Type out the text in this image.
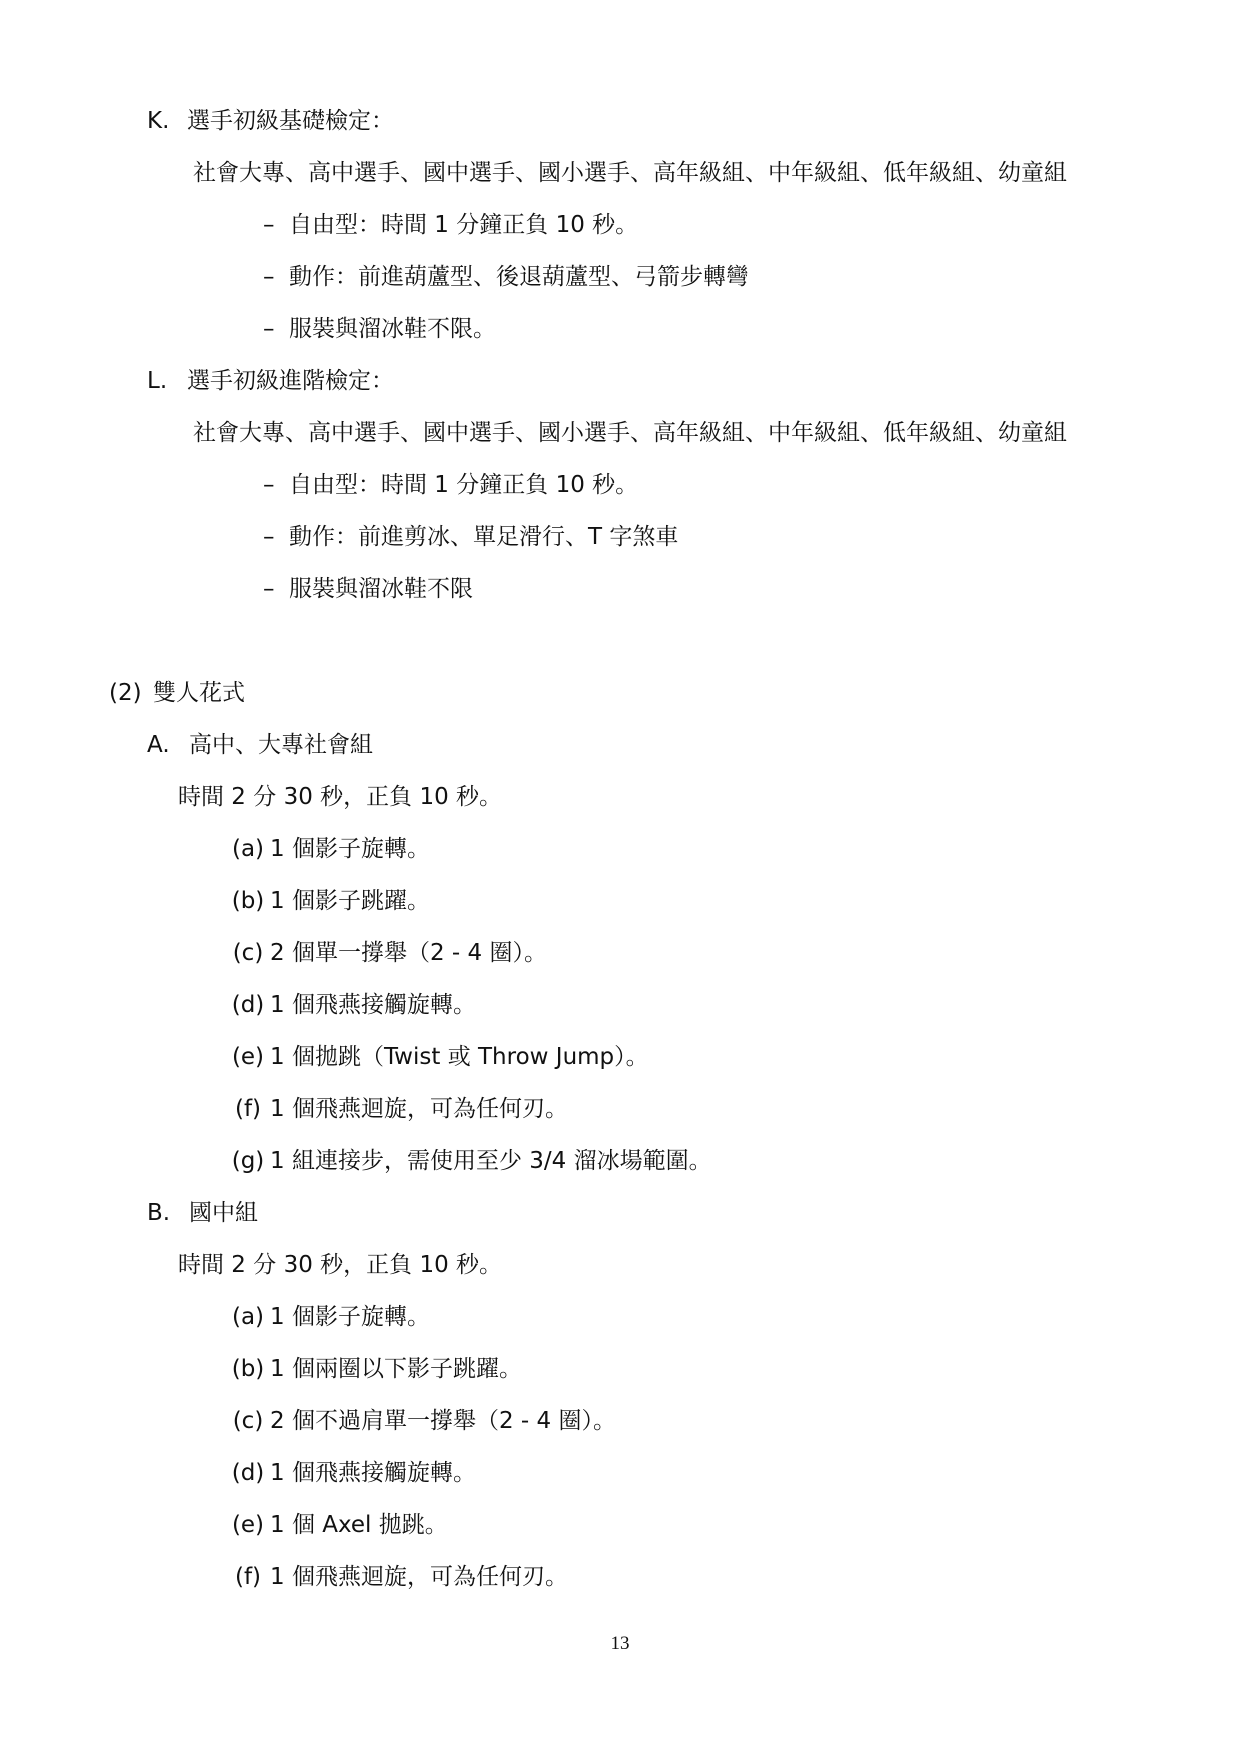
K. 選手初級基礎檢定：
社會大專、高中選手、國中選手、國小選手、高年級組、中年級組、低年級組、幼童組
– 自由型：時間 1 分鐘正負 10 秒。
– 動作：前進葫蘆型、後退葫蘆型、弓箭步轉彎
– 服裝與溜冰鞋不限。
L. 選手初級進階檢定：
社會大專、高中選手、國中選手、國小選手、高年級組、中年級組、低年級組、幼童組
– 自由型：時間 1 分鐘正負 10 秒。
– 動作：前進剪冰、單足滑行、T 字煞車
– 服裝與溜冰鞋不限
(2) 雙人花式
A. 高中、大專社會組
時間 2 分 30 秒，正負 10 秒。
(a) 1 個影子旋轉。
(b) 1 個影子跳躍。
(c) 2 個單一撐舉（2 - 4 圈）。
(d) 1 個飛燕接觸旋轉。
(e) 1 個拋跳（Twist 或 Throw Jump）。
(f) 1 個飛燕迴旋，可為任何刃。
(g) 1 組連接步，需使用至少 3/4 溜冰場範圍。
B. 國中組
時間 2 分 30 秒，正負 10 秒。
(a) 1 個影子旋轉。
(b) 1 個兩圈以下影子跳躍。
(c) 2 個不過肩單一撐舉（2 - 4 圈）。
(d) 1 個飛燕接觸旋轉。
(e) 1 個 Axel 拋跳。
(f) 1 個飛燕迴旋，可為任何刃。
13
